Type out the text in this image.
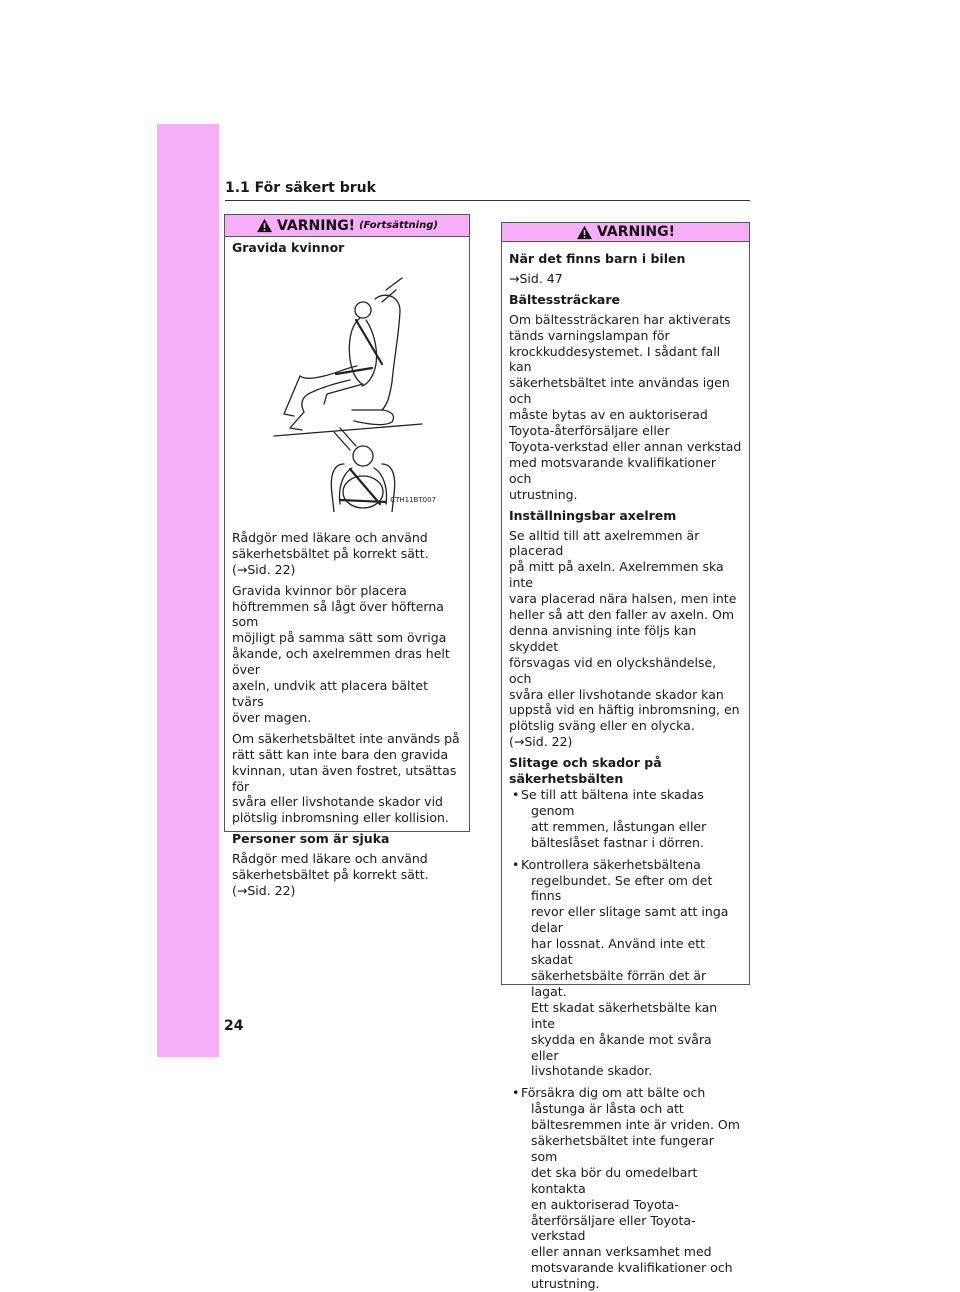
1.1 För säkert bruk
VARNING! (Fortsättning)
Gravida kvinnor
CTH11BT007

Rådgör med läkare och använd
säkerhetsbältet på korrekt sätt.
(→Sid. 22)

Gravida kvinnor bör placera
höftremmen så lågt över höfterna som
möjligt på samma sätt som övriga
åkande, och axelremmen dras helt över
axeln, undvik att placera bältet tvärs
över magen.

Om säkerhetsbältet inte används på
rätt sätt kan inte bara den gravida
kvinnan, utan även fostret, utsättas för
svåra eller livshotande skador vid
plötslig inbromsning eller kollision.

Personer som är sjuka

Rådgör med läkare och använd
säkerhetsbältet på korrekt sätt.
(→Sid. 22)

VARNING!
När det finns barn i bilen

→Sid. 47

Bältessträckare

Om bältessträckaren har aktiverats
tänds varningslampan för
krockkuddesystemet. I sådant fall kan
säkerhetsbältet inte användas igen och
måste bytas av en auktoriserad
Toyota-återförsäljare eller
Toyota-verkstad eller annan verkstad
med motsvarande kvalifikationer och
utrustning.

Inställningsbar axelrem

Se alltid till att axelremmen är placerad
på mitt på axeln. Axelremmen ska inte
vara placerad nära halsen, men inte
heller så att den faller av axeln. Om
denna anvisning inte följs kan skyddet
försvagas vid en olyckshändelse, och
svåra eller livshotande skador kan
uppstå vid en häftig inbromsning, en
plötslig sväng eller en olycka.
(→Sid. 22)

Slitage och skador på säkerhetsbälten
• Se till att bältena inte skadas genom
att remmen, låstungan eller
bälteslåset fastnar i dörren.
• Kontrollera säkerhetsbältena
regelbundet. Se efter om det finns
revor eller slitage samt att inga delar
har lossnat. Använd inte ett skadat
säkerhetsbälte förrän det är lagat.
Ett skadat säkerhetsbälte kan inte
skydda en åkande mot svåra eller
livshotande skador.
• Försäkra dig om att bälte och
låstunga är låsta och att
bältesremmen inte är vriden. Om
säkerhetsbältet inte fungerar som
det ska bör du omedelbart kontakta
en auktoriserad Toyota-
återförsäljare eller Toyota-verkstad
eller annan verksamhet med
motsvarande kvalifikationer och
utrustning.
24
